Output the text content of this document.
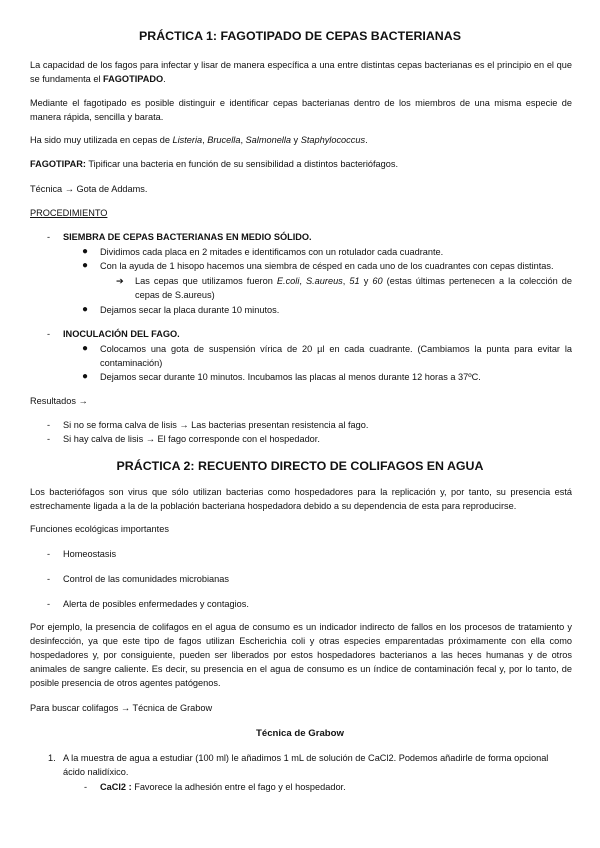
PRÁCTICA 1: FAGOTIPADO DE CEPAS BACTERIANAS

La capacidad de los fagos para infectar y lisar de manera específica a una entre distintas cepas bacterianas es el principio en el que se fundamenta el FAGOTIPADO.

Mediante el fagotipado es posible distinguir e identificar cepas bacterianas dentro de los miembros de una misma especie de manera rápida, sencilla y barata.

Ha sido muy utilizada en cepas de Listeria, Brucella, Salmonella y Staphylococcus.

FAGOTIPAR: Tipificar una bacteria en función de su sensibilidad a distintos bacteriófagos.

Técnica → Gota de Addams.

PROCEDIMIENTO

- SIEMBRA DE CEPAS BACTERIANAS EN MEDIO SÓLIDO.

● Dividimos cada placa en 2 mitades e identificamos con un rotulador cada cuadrante.

● Con la ayuda de 1 hisopo hacemos una siembra de césped en cada uno de los cuadrantes con cepas distintas.

➔ Las cepas que utilizamos fueron E.coli, S.aureus, 51 y 60 (estas últimas pertenecen a la colección de cepas de S.aureus)

● Dejamos secar la placa durante 10 minutos.

- INOCULACIÓN DEL FAGO.

● Colocamos una gota de suspensión vírica de 20 µl en cada cuadrante. (Cambiamos la punta para evitar la contaminación)

● Dejamos secar durante 10 minutos. Incubamos las placas al menos durante 12 horas a 37ºC.

Resultados →

- Si no se forma calva de lisis → Las bacterias presentan resistencia al fago.

- Si hay calva de lisis → El fago corresponde con el hospedador.

PRÁCTICA 2: RECUENTO DIRECTO DE COLIFAGOS EN AGUA

Los bacteriófagos son virus que sólo utilizan bacterias como hospedadores para la replicación y, por tanto, su presencia está estrechamente ligada a la de la población bacteriana hospedadora debido a su dependencia de esta para reproducirse.

Funciones ecológicas importantes

- Homeostasis

- Control de las comunidades microbianas

- Alerta de posibles enfermedades y contagios.

Por ejemplo, la presencia de colifagos en el agua de consumo es un indicador indirecto de fallos en los procesos de tratamiento y desinfección, ya que este tipo de fagos utilizan Escherichia coli y otras especies emparentadas próximamente con ella como hospedadores y, por consiguiente, pueden ser liberados por estos hospedadores bacterianos a las heces humanas y de otros animales de sangre caliente. Es decir, su presencia en el agua de consumo es un índice de contaminación fecal y, por lo tanto, de posible presencia de otros agentes patógenos.

Para buscar colifagos → Técnica de Grabow

Técnica de Grabow

1. A la muestra de agua a estudiar (100 ml) le añadimos 1 mL de solución de CaCl2. Podemos añadirle de forma opcional ácido nalidíxico.

- CaCl2 : Favorece la adhesión entre el fago y el hospedador.
